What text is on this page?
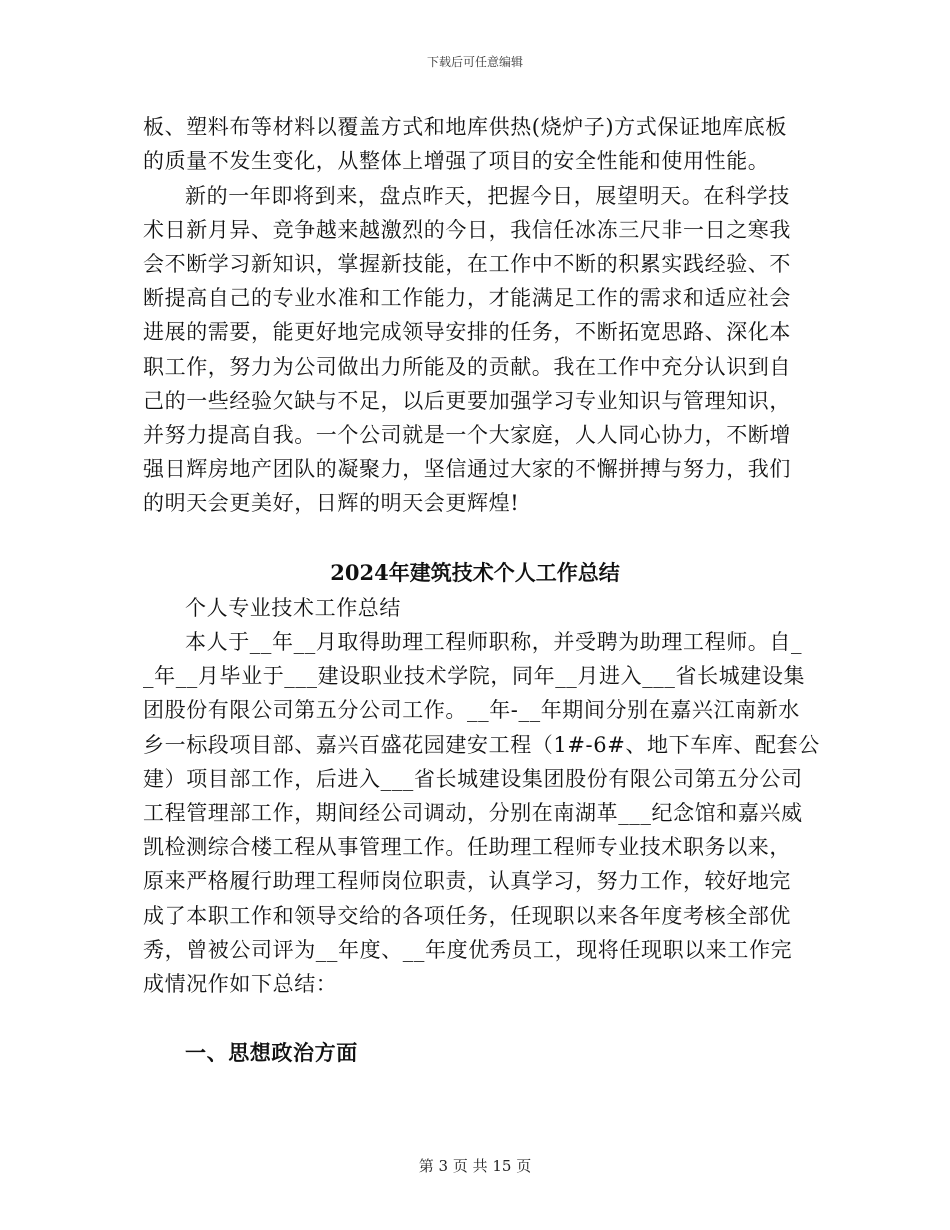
下载后可任意编辑
板、塑料布等材料以覆盖方式和地库供热(烧炉子)方式保证地库底板
的质量不发生变化，从整体上增强了项目的安全性能和使用性能。
新的一年即将到来，盘点昨天，把握今日，展望明天。在科学技
术日新月异、竞争越来越激烈的今日，我信任冰冻三尺非一日之寒我
会不断学习新知识，掌握新技能，在工作中不断的积累实践经验、不
断提高自己的专业水准和工作能力，才能满足工作的需求和适应社会
进展的需要，能更好地完成领导安排的任务，不断拓宽思路、深化本
职工作，努力为公司做出力所能及的贡献。我在工作中充分认识到自
己的一些经验欠缺与不足，以后更要加强学习专业知识与管理知识，
并努力提高自我。一个公司就是一个大家庭，人人同心协力，不断增
强日辉房地产团队的凝聚力，坚信通过大家的不懈拼搏与努力，我们
的明天会更美好，日辉的明天会更辉煌!
2024年建筑技术个人工作总结
个人专业技术工作总结
本人于__年__月取得助理工程师职称，并受聘为助理工程师。自_
_年__月毕业于___建设职业技术学院，同年__月进入___省长城建设集
团股份有限公司第五分公司工作。__年-__年期间分别在嘉兴江南新水
乡一标段项目部、嘉兴百盛花园建安工程（1#-6#、地下车库、配套公
建）项目部工作，后进入___省长城建设集团股份有限公司第五分公司
工程管理部工作，期间经公司调动，分别在南湖革___纪念馆和嘉兴威
凯检测综合楼工程从事管理工作。任助理工程师专业技术职务以来，
原来严格履行助理工程师岗位职责，认真学习，努力工作，较好地完
成了本职工作和领导交给的各项任务，任现职以来各年度考核全部优
秀，曾被公司评为__年度、__年度优秀员工，现将任现职以来工作完
成情况作如下总结：
一、思想政治方面
第 3 页 共 15 页
